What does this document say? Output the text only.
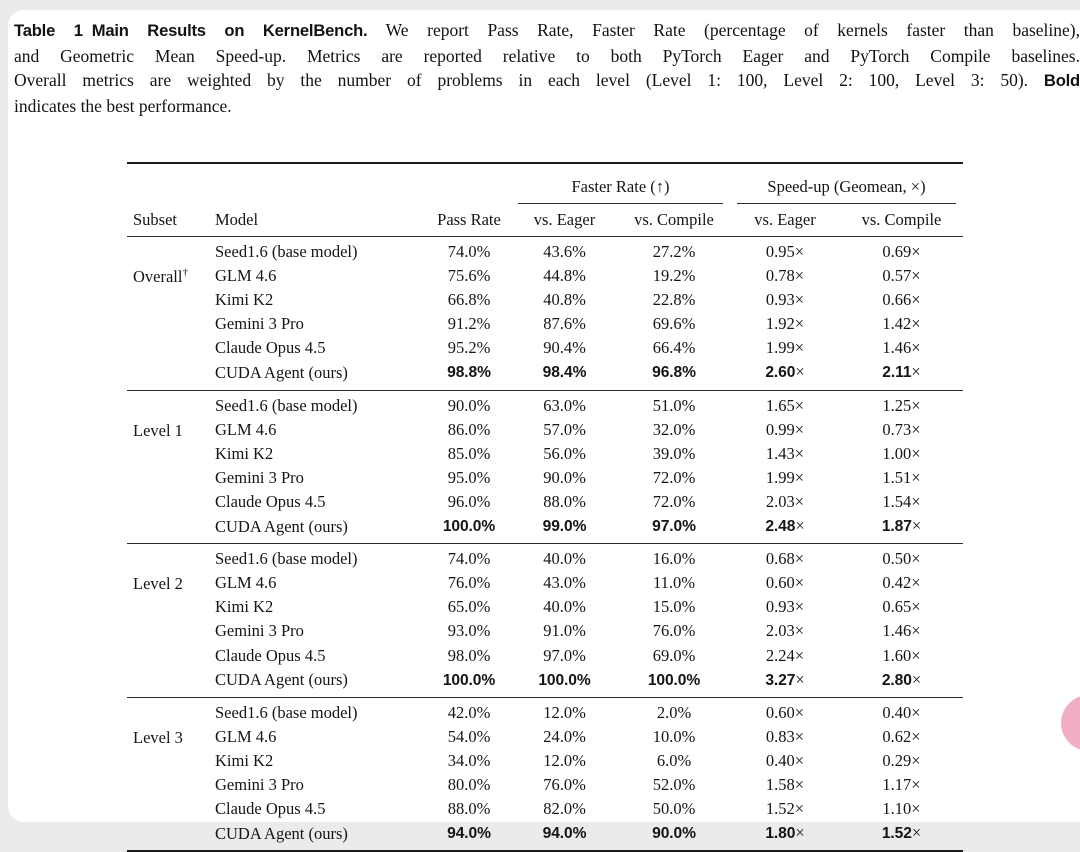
Table 1 Main Results on KernelBench. We report Pass Rate, Faster Rate (percentage of kernels faster than baseline),
and Geometric Mean Speed-up. Metrics are reported relative to both PyTorch Eager and PyTorch Compile baselines.
Overall metrics are weighted by the number of problems in each level (Level 1: 100, Level 2: 100, Level 3: 50). Bold
indicates the best performance.
			Faster Rate (↑)		Speed-up (Geomean, ×)	
Subset	Model	Pass Rate	vs. Eager	vs. Compile	vs. Eager	vs. Compile
Overall†	Seed1.6 (base model)	74.0%	43.6%	27.2%	0.95×	0.69×
	GLM 4.6	75.6%	44.8%	19.2%	0.78×	0.57×
	Kimi K2	66.8%	40.8%	22.8%	0.93×	0.66×
	Gemini 3 Pro	91.2%	87.6%	69.6%	1.92×	1.42×
	Claude Opus 4.5	95.2%	90.4%	66.4%	1.99×	1.46×
	CUDA Agent (ours)	98.8%	98.4%	96.8%	2.60×	2.11×
Level 1	Seed1.6 (base model)	90.0%	63.0%	51.0%	1.65×	1.25×
	GLM 4.6	86.0%	57.0%	32.0%	0.99×	0.73×
	Kimi K2	85.0%	56.0%	39.0%	1.43×	1.00×
	Gemini 3 Pro	95.0%	90.0%	72.0%	1.99×	1.51×
	Claude Opus 4.5	96.0%	88.0%	72.0%	2.03×	1.54×
	CUDA Agent (ours)	100.0%	99.0%	97.0%	2.48×	1.87×
Level 2	Seed1.6 (base model)	74.0%	40.0%	16.0%	0.68×	0.50×
	GLM 4.6	76.0%	43.0%	11.0%	0.60×	0.42×
	Kimi K2	65.0%	40.0%	15.0%	0.93×	0.65×
	Gemini 3 Pro	93.0%	91.0%	76.0%	2.03×	1.46×
	Claude Opus 4.5	98.0%	97.0%	69.0%	2.24×	1.60×
	CUDA Agent (ours)	100.0%	100.0%	100.0%	3.27×	2.80×
Level 3	Seed1.6 (base model)	42.0%	12.0%	2.0%	0.60×	0.40×
	GLM 4.6	54.0%	24.0%	10.0%	0.83×	0.62×
	Kimi K2	34.0%	12.0%	6.0%	0.40×	0.29×
	Gemini 3 Pro	80.0%	76.0%	52.0%	1.58×	1.17×
	Claude Opus 4.5	88.0%	82.0%	50.0%	1.52×	1.10×
	CUDA Agent (ours)	94.0%	94.0%	90.0%	1.80×	1.52×
